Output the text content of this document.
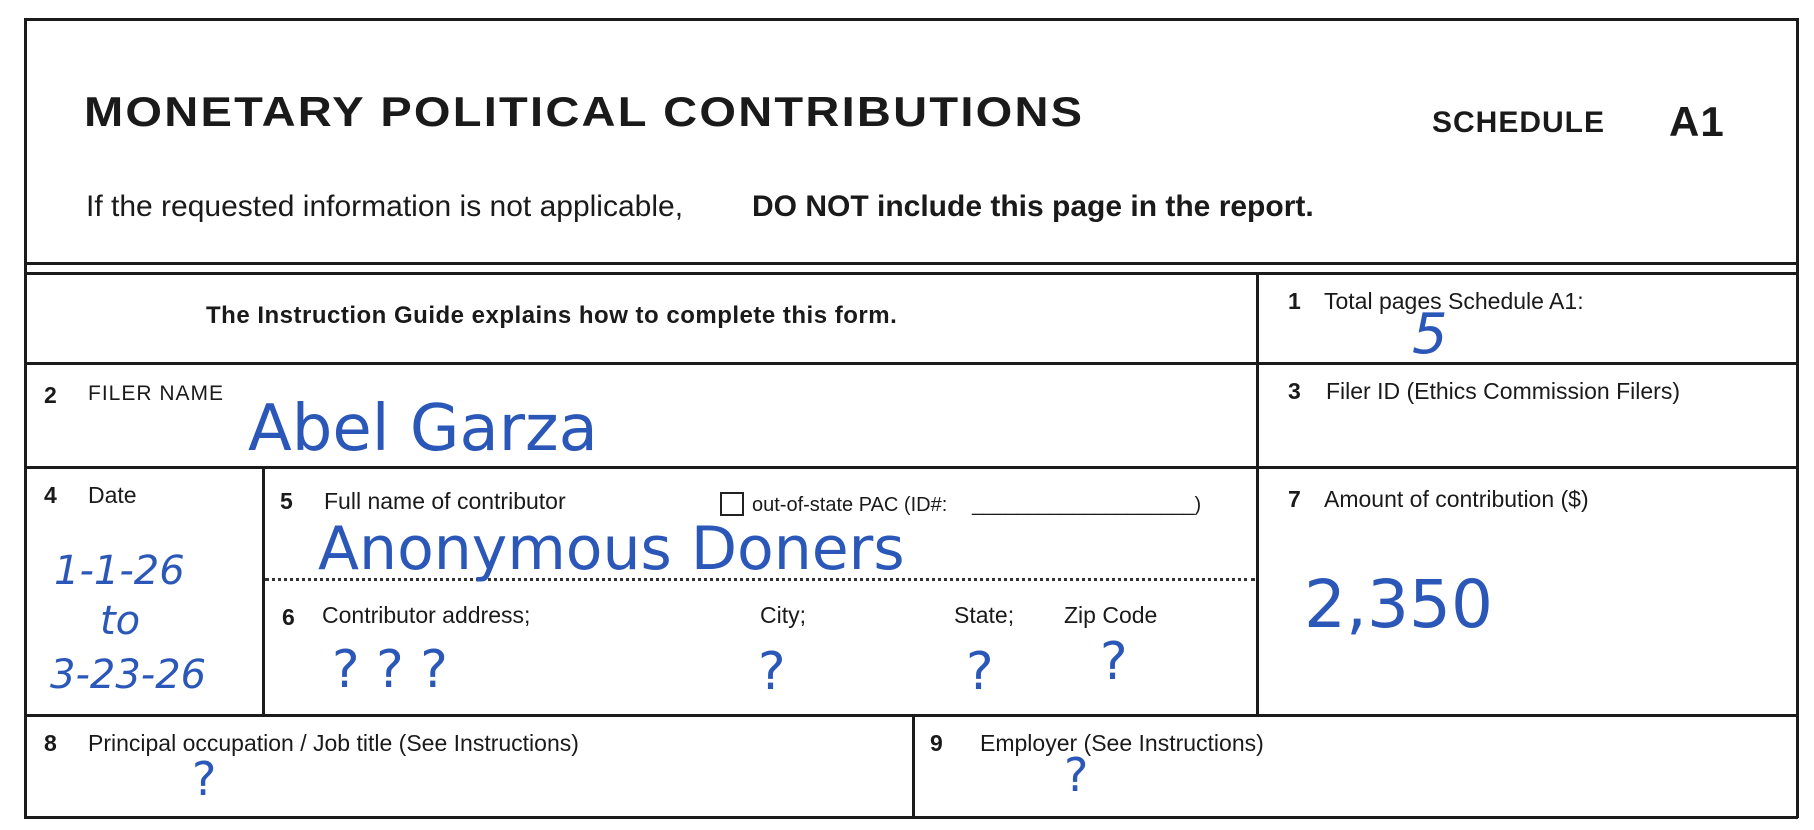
MONETARY POLITICAL CONTRIBUTIONS	SCHEDULE A1
If the requested information is not applicable, DO NOT include this page in the report.
The Instruction Guide explains how to complete this form.
1 Total pages Schedule A1:
5
2 FILER NAME Abel Garza
3 Filer ID (Ethics Commission Filers)
4 Date
1-1-26
to
3-23-26
5 Full name of contributor	out-of-state PAC (ID#: ____________________)
Anonymous Doners
6 Contributor address;	City;	State; Zip Code
? ? ?	?	? ?
7 Amount of contribution ($)
2,350
8 Principal occupation / Job title (See Instructions)
?
9 Employer (See Instructions)
?
